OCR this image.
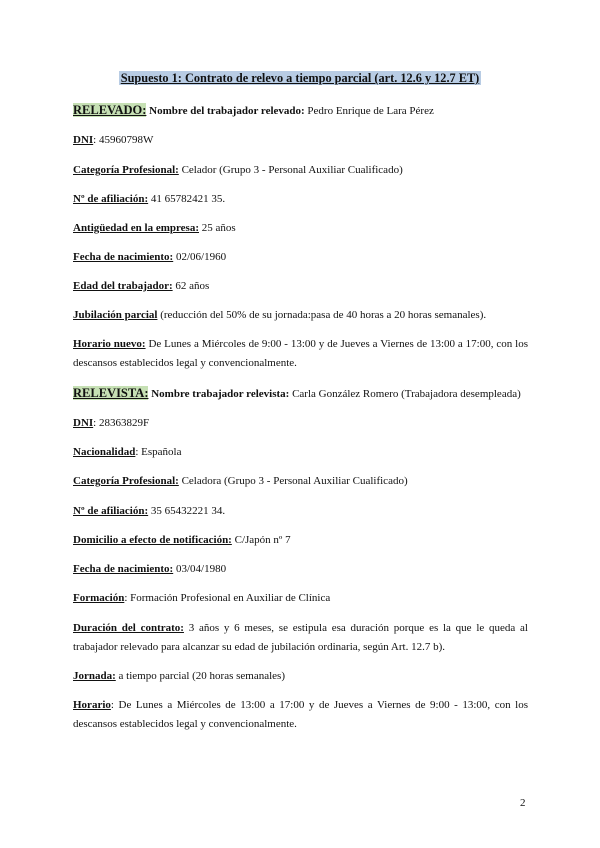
Supuesto 1: Contrato de relevo a tiempo parcial (art. 12.6 y 12.7 ET)
RELEVADO: Nombre del trabajador relevado: Pedro Enrique de Lara Pérez
DNI: 45960798W
Categoría Profesional: Celador (Grupo 3 - Personal Auxiliar Cualificado)
Nº de afiliación: 41 65782421 35.
Antigüedad en la empresa: 25 años
Fecha de nacimiento: 02/06/1960
Edad del trabajador: 62 años
Jubilación parcial (reducción del 50% de su jornada:pasa de 40 horas a 20 horas semanales).
Horario nuevo: De Lunes a Miércoles de 9:00 - 13:00 y de Jueves a Viernes de 13:00 a 17:00, con los descansos establecidos legal y convencionalmente.
RELEVISTA: Nombre trabajador relevista: Carla González Romero (Trabajadora desempleada)
DNI: 28363829F
Nacionalidad: Española
Categoría Profesional: Celadora (Grupo 3 - Personal Auxiliar Cualificado)
Nº de afiliación: 35 65432221 34.
Domicilio a efecto de notificación: C/Japón nº 7
Fecha de nacimiento: 03/04/1980
Formación: Formación Profesional en Auxiliar de Clínica
Duración del contrato: 3 años y 6 meses, se estipula esa duración porque es la que le queda al trabajador relevado para alcanzar su edad de jubilación ordinaria, según Art. 12.7 b).
Jornada: a tiempo parcial (20 horas semanales)
Horario: De Lunes a Miércoles de 13:00 a 17:00 y de Jueves a Viernes de 9:00 - 13:00, con los descansos establecidos legal y convencionalmente.
2
